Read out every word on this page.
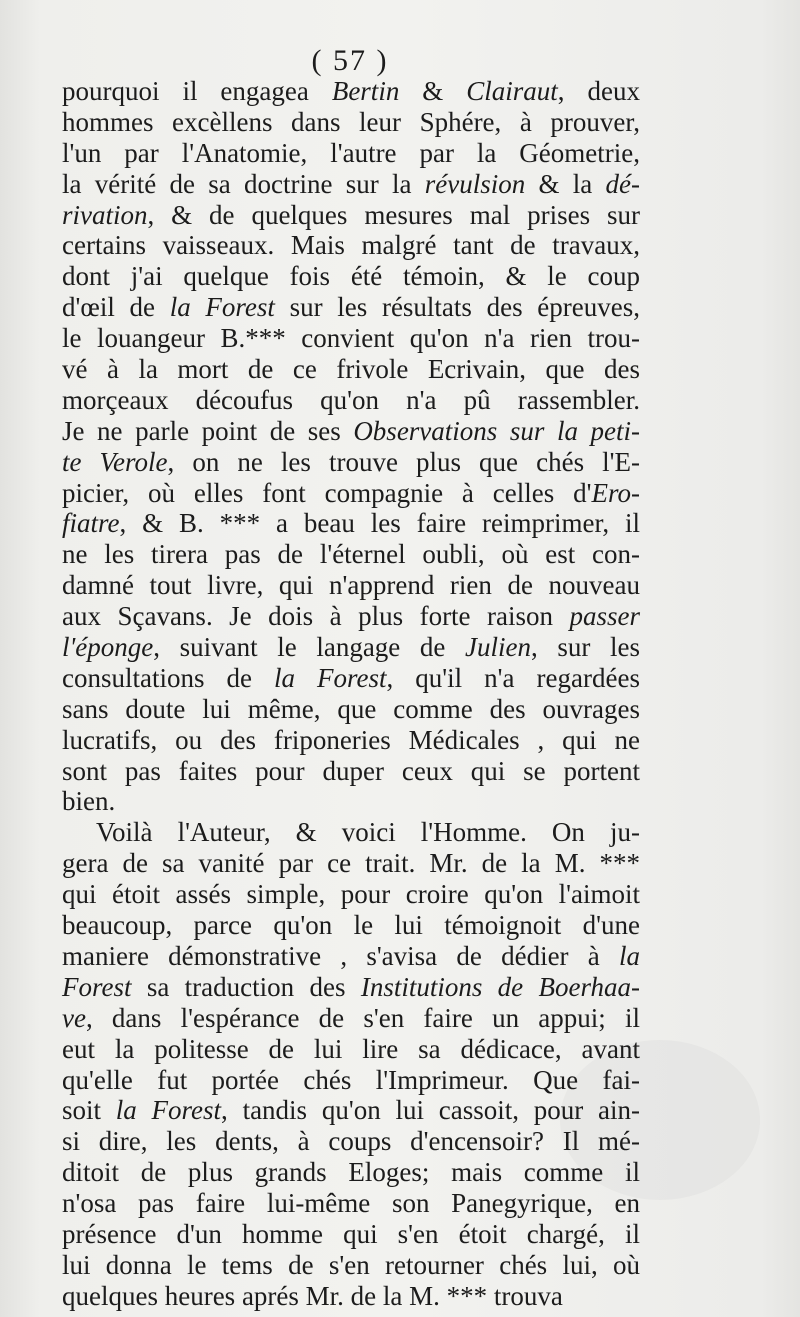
( 57 )
pourquoi il engagea Bertin & Clairaut, deux
hommes excèllens dans leur Sphére, à prouver,
l'un par l'Anatomie, l'autre par la Géometrie,
la vérité de sa doctrine sur la révulsion & la dé-
rivation, & de quelques mesures mal prises sur
certains vaisseaux. Mais malgré tant de travaux,
dont j'ai quelque fois été témoin, & le coup
d'œil de la Forest sur les résultats des épreuves,
le louangeur B.*** convient qu'on n'a rien trou-
vé à la mort de ce frivole Ecrivain, que des
morçeaux découfus qu'on n'a pû rassembler.
Je ne parle point de ses Observations sur la peti-
te Verole, on ne les trouve plus que chés l'E-
picier, où elles font compagnie à celles d'Ero-
fiatre, & B. *** a beau les faire reimprimer, il
ne les tirera pas de l'éternel oubli, où est con-
damné tout livre, qui n'apprend rien de nouveau
aux Sçavans. Je dois à plus forte raison passer
l'éponge, suivant le langage de Julien, sur les
consultations de la Forest, qu'il n'a regardées
sans doute lui même, que comme des ouvrages
lucratifs, ou des friponeries Médicales , qui ne
sont pas faites pour duper ceux qui se portent
bien.
Voilà l'Auteur, & voici l'Homme. On ju-
gera de sa vanité par ce trait. Mr. de la M. ***
qui étoit assés simple, pour croire qu'on l'aimoit
beaucoup, parce qu'on le lui témoignoit d'une
maniere démonstrative , s'avisa de dédier à la
Forest sa traduction des Institutions de Boerhaa-
ve, dans l'espérance de s'en faire un appui; il
eut la politesse de lui lire sa dédicace, avant
qu'elle fut portée chés l'Imprimeur. Que fai-
soit la Forest, tandis qu'on lui cassoit, pour ain-
si dire, les dents, à coups d'encensoir? Il mé-
ditoit de plus grands Eloges; mais comme il
n'osa pas faire lui-même son Panegyrique, en
présence d'un homme qui s'en étoit chargé, il
lui donna le tems de s'en retourner chés lui, où
quelques heures aprés Mr. de la M. *** trouva
